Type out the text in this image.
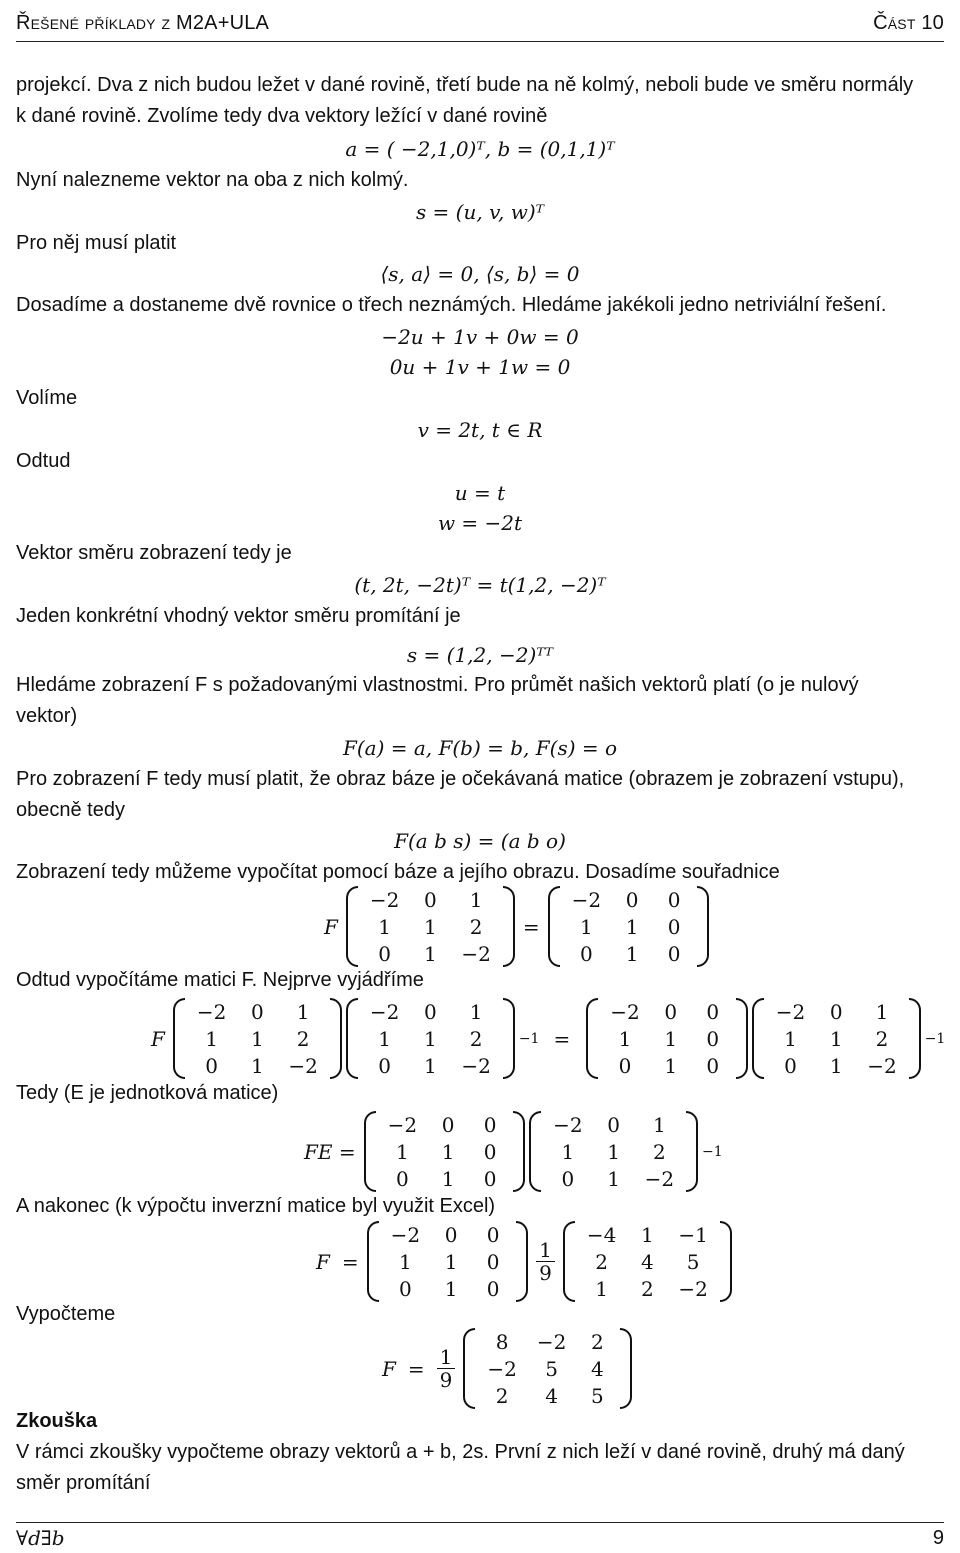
Řešené příklady z M2A+ULA	Část 10
projekcí. Dva z nich budou ležet v dané rovině, třetí bude na ně kolmý, neboli bude ve směru normály
k dané rovině. Zvolíme tedy dva vektory ležící v dané rovině
a = ( −2,1,0)ᵀ, b = (0,1,1)ᵀ
Nyní nalezneme vektor na oba z nich kolmý.
s = (u, v, w)ᵀ
Pro něj musí platit
⟨s, a⟩ = 0, ⟨s, b⟩ = 0
Dosadíme a dostaneme dvě rovnice o třech neznámých. Hledáme jakékoli jedno netriviální řešení.
−2u + 1v + 0w = 0
0u + 1v + 1w = 0
Volíme
v = 2t, t ∈ R
Odtud
u = t
w = −2t
Vektor směru zobrazení tedy je
(t, 2t, −2t)ᵀ = t(1,2, −2)ᵀ
Jeden konkrétní vhodný vektor směru promítání je
s = (1,2, −2)ᵀᵀ
Hledáme zobrazení F s požadovanými vlastnostmi. Pro průmět našich vektorů platí (o je nulový
vektor)
F(a) = a, F(b) = b, F(s) = o
Pro zobrazení F tedy musí platit, že obraz báze je očekávaná matice (obrazem je zobrazení vstupu),
obecně tedy
F(a b s) = (a b o)
Zobrazení tedy můžeme vypočítat pomocí báze a jejího obrazu. Dosadíme souřadnice
F
−2	0	1
1	1	2
0	1	−2
=
−2	0	0
1	1	0
0	1	0
Odtud vypočítáme matici F. Nejprve vyjádříme
F
−2	0	1
1	1	2
0	1	−2
−2	0	1
1	1	2
0	1	−2
−1 =
−2	0	0
1	1	0
0	1	0
−2	0	1
1	1	2
0	1	−2
−1
Tedy (E je jednotková matice)
FE =
−2	0	0
1	1	0
0	1	0
−2	0	1
1	1	2
0	1	−2
−1
A nakonec (k výpočtu inverzní matice byl využit Excel)
F =
−2	0	0
1	1	0
0	1	0
$\frac{1}{9}$
−4	1	−1
2	4	5
1	2	−2
Vypočteme
$F = \frac{1}{9}$
8	−2	2
−2	5	4
2	4	5
Zkouška
V rámci zkoušky vypočteme obrazy vektorů a + b, 2s. První z nich leží v dané rovině, druhý má daný
směr promítání
∀d∃b	9
